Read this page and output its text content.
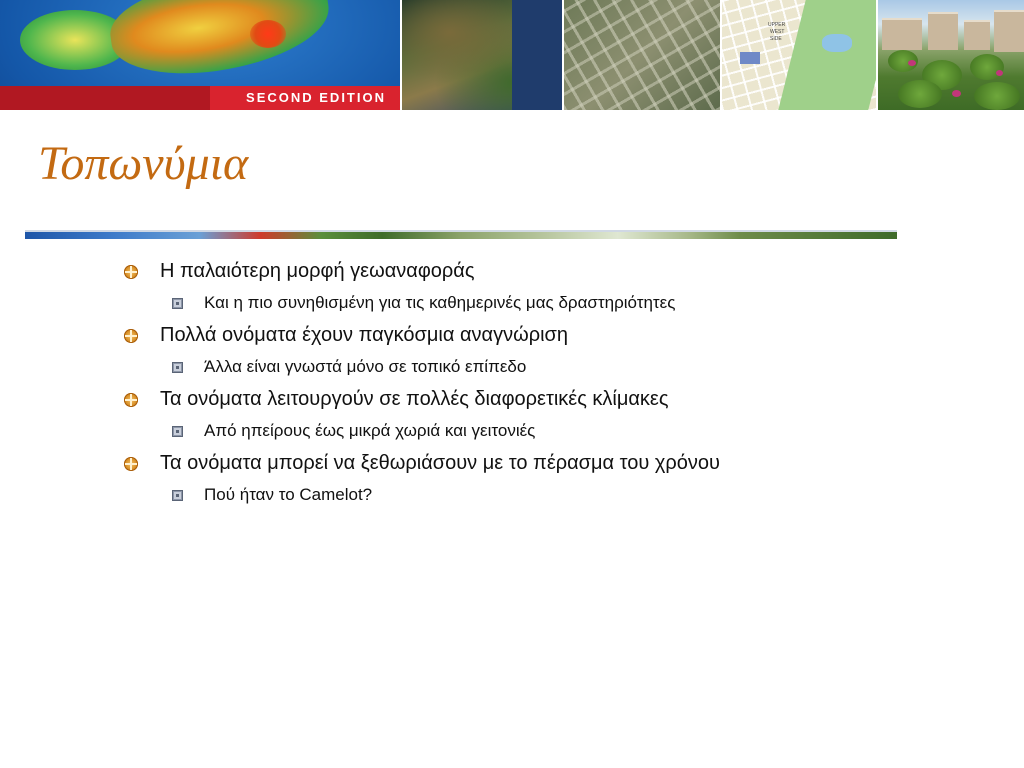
SECOND EDITION
UPPER
WEST
SIDE
Τοπωνύμια
Η παλαιότερη μορφή γεωαναφοράς
Και η πιο συνηθισμένη για τις καθημερινές μας δραστηριότητες
Πολλά ονόματα έχουν παγκόσμια αναγνώριση
Άλλα είναι γνωστά μόνο σε τοπικό επίπεδο
Τα ονόματα λειτουργούν σε πολλές διαφορετικές κλίμακες
Από ηπείρους έως μικρά χωριά και γειτονιές
Τα ονόματα μπορεί να ξεθωριάσουν με το πέρασμα του χρόνου
Πού ήταν το Camelot?
